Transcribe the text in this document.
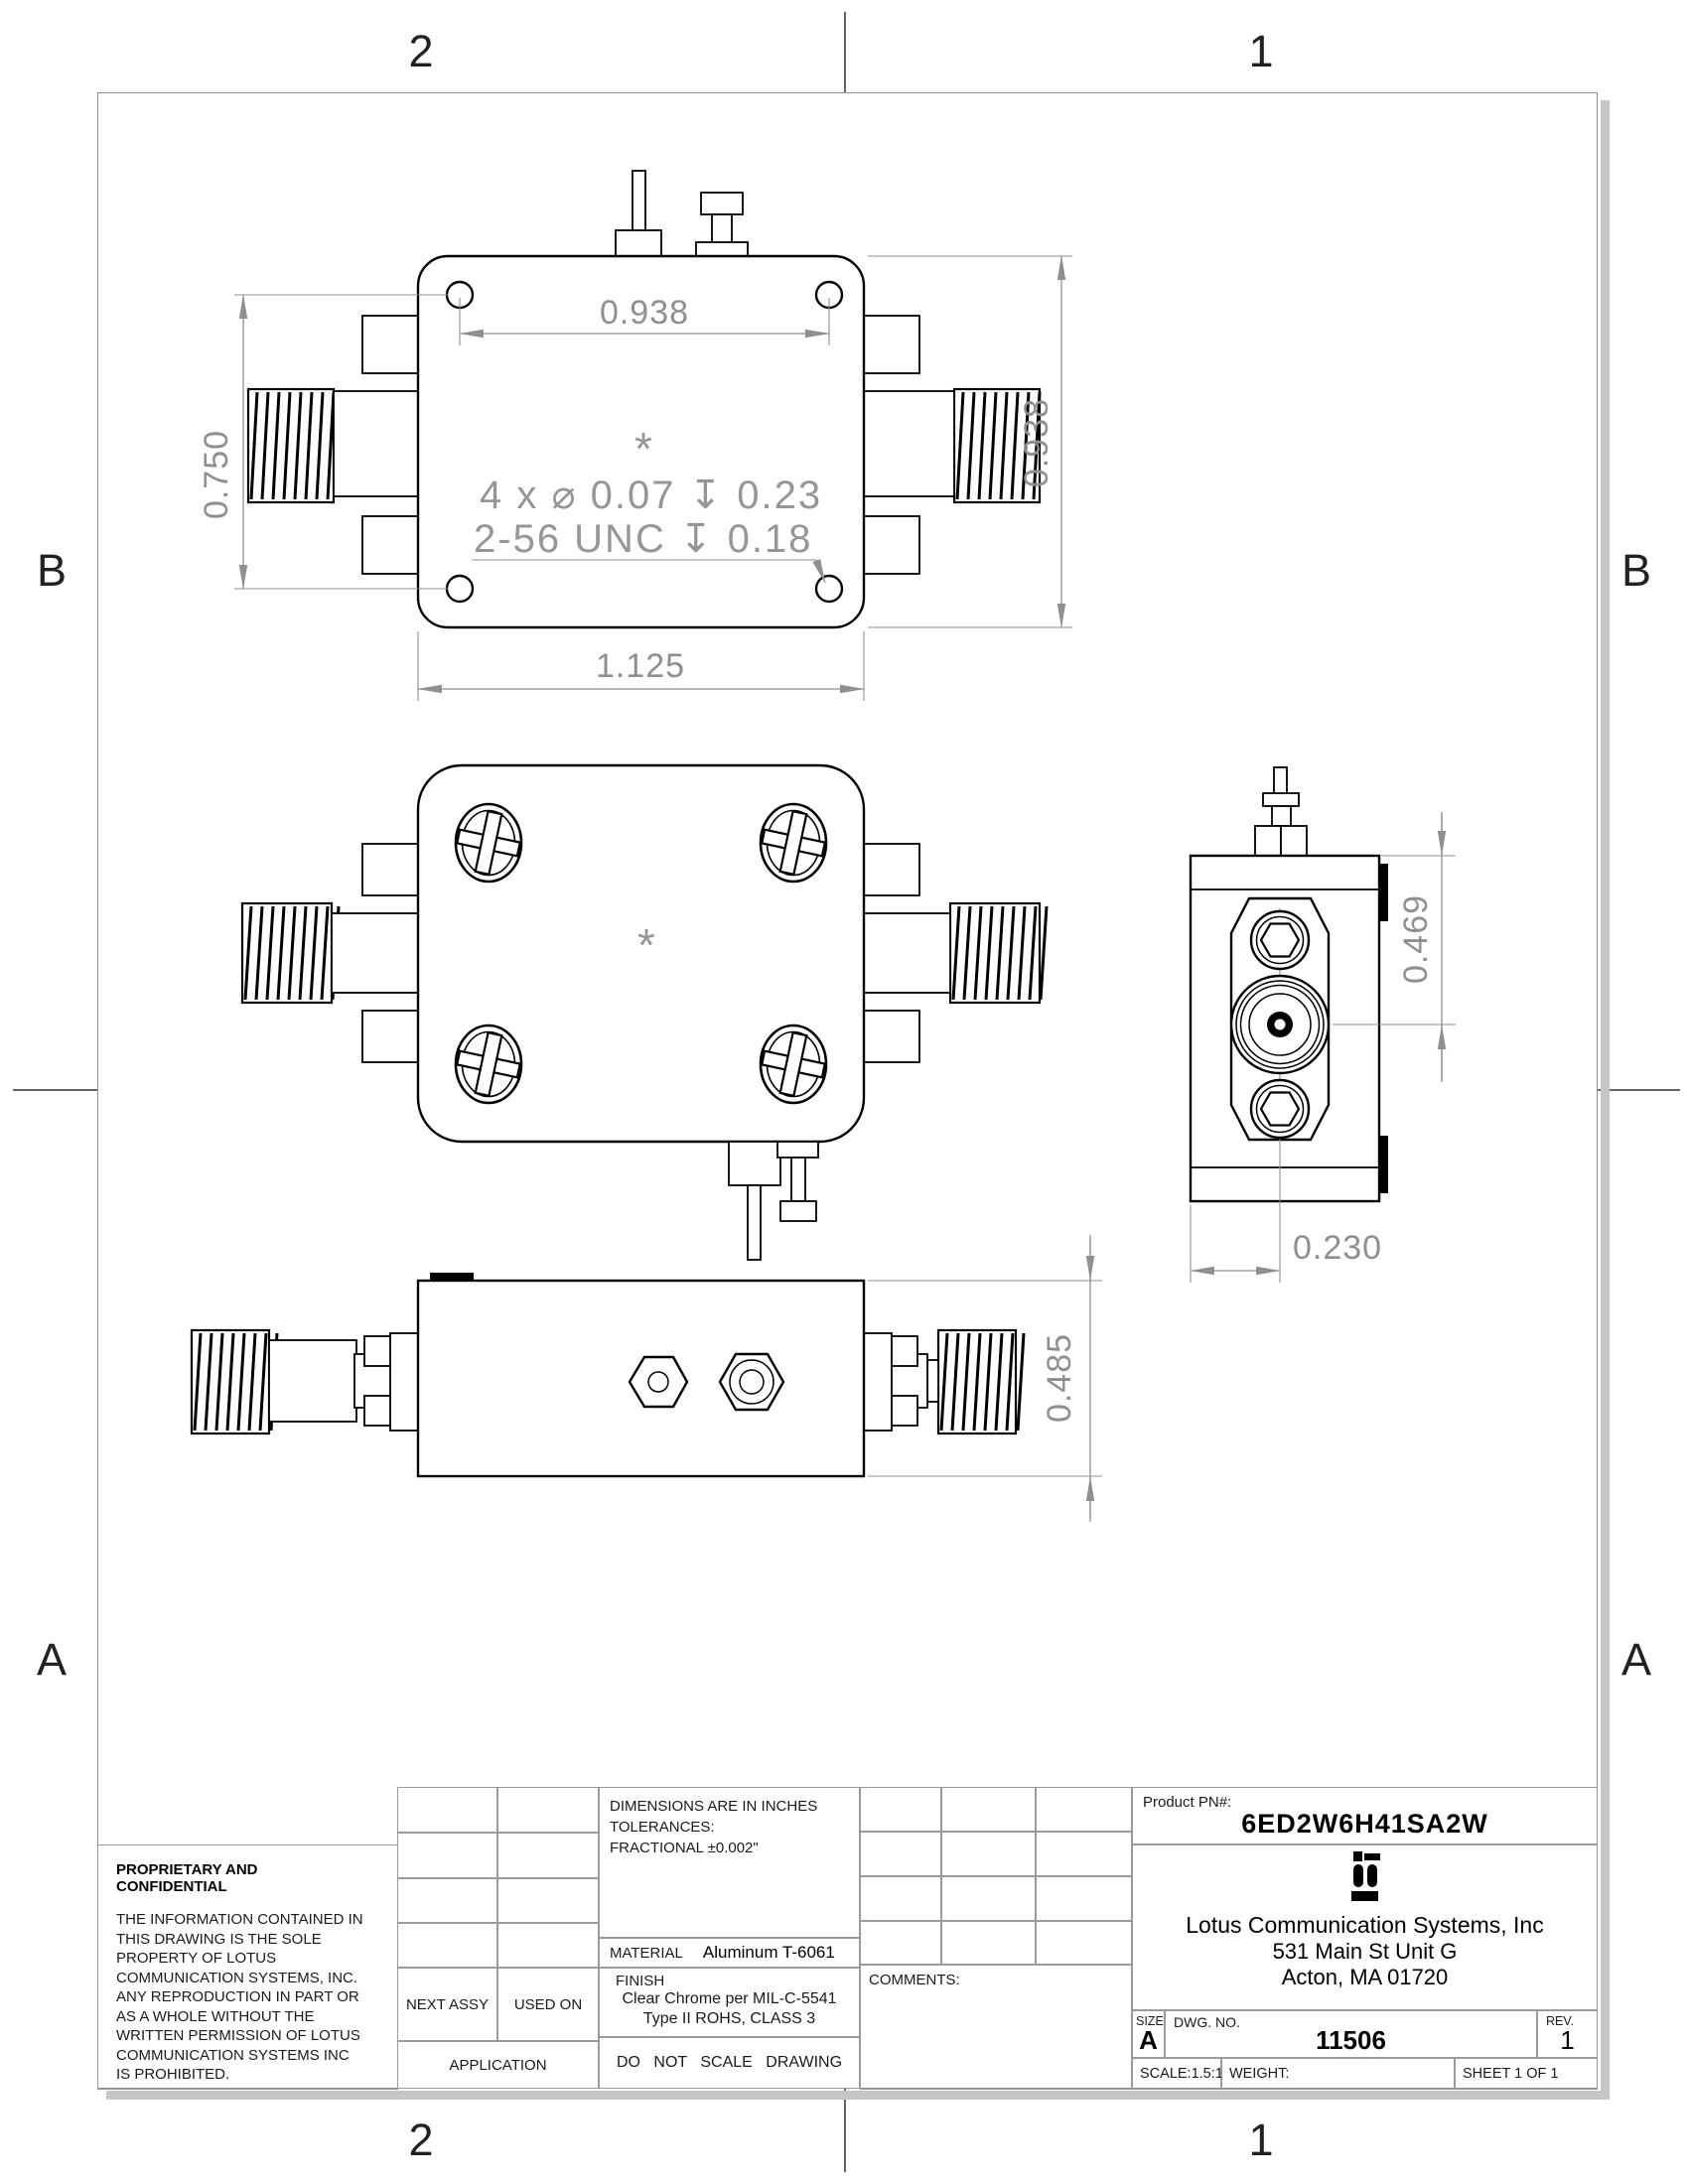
2	1
2	1
B
A
B
A
0.938
0.750	0.938
1.125
*
4 x ⌀ 0.07 ↧ 0.23
2-56 UNC ↧ 0.18
*
0.485
0.469
0.230
PROPRIETARY AND CONFIDENTIAL
THE INFORMATION CONTAINED IN THIS DRAWING IS THE SOLE PROPERTY OF LOTUS COMMUNICATION SYSTEMS, INC. ANY REPRODUCTION IN PART OR AS A WHOLE WITHOUT THE WRITTEN PERMISSION OF LOTUS COMMUNICATION SYSTEMS INC IS PROHIBITED.
NEXT ASSY	USED ON
APPLICATION
DIMENSIONS ARE IN INCHES
TOLERANCES:
FRACTIONAL ±0.002"
MATERIAL Aluminum T-6061
FINISH
Clear Chrome per MIL-C-5541
Type II ROHS, CLASS 3
DO NOT SCALE DRAWING
COMMENTS:
Product PN#:
6ED2W6H41SA2W
Lotus Communication Systems, Inc
531 Main St Unit G
Acton, MA 01720
SIZE
A
DWG. NO.
11506
REV.
1
SCALE:1.5:1 WEIGHT:	SHEET 1 OF 1
